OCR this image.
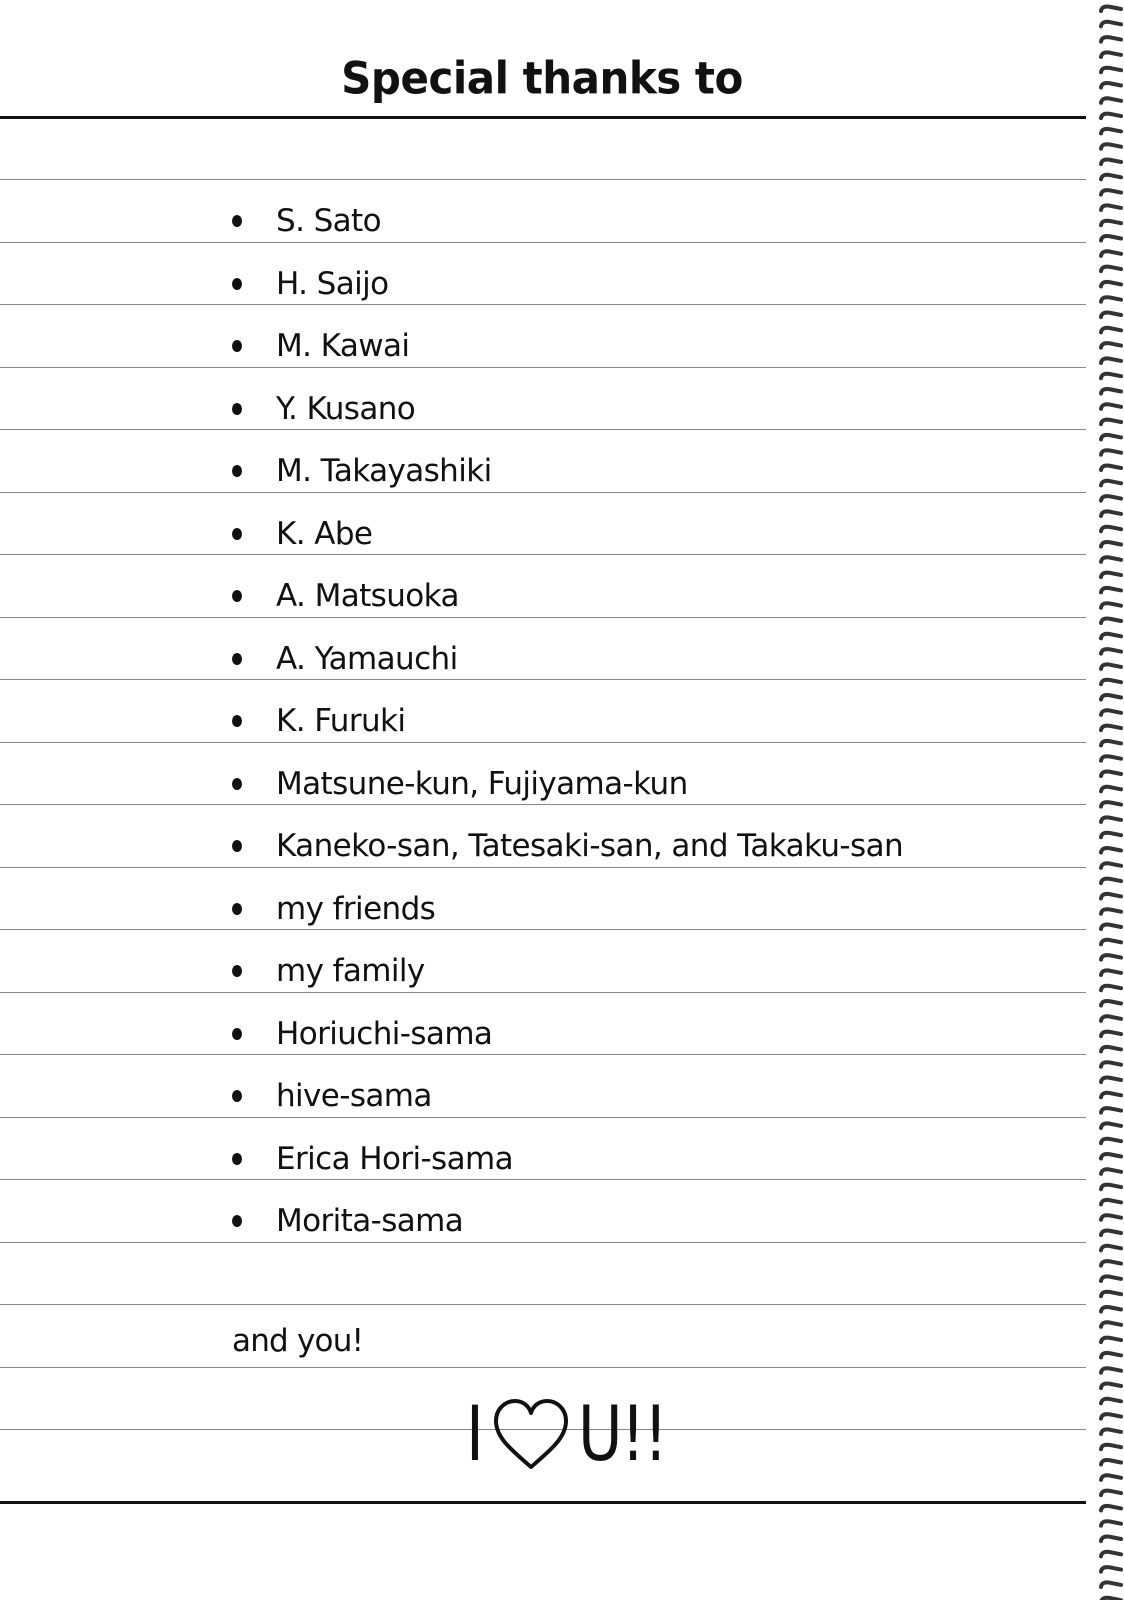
Special thanks to
S. Sato
H. Saijo
M. Kawai
Y. Kusano
M. Takayashiki
K. Abe
A. Matsuoka
A. Yamauchi
K. Furuki
Matsune-kun, Fujiyama-kun
Kaneko-san, Tatesaki-san, and Takaku-san
my friends
my family
Horiuchi-sama
hive-sama
Erica Hori-sama
Morita-sama
and you!
I U!!
